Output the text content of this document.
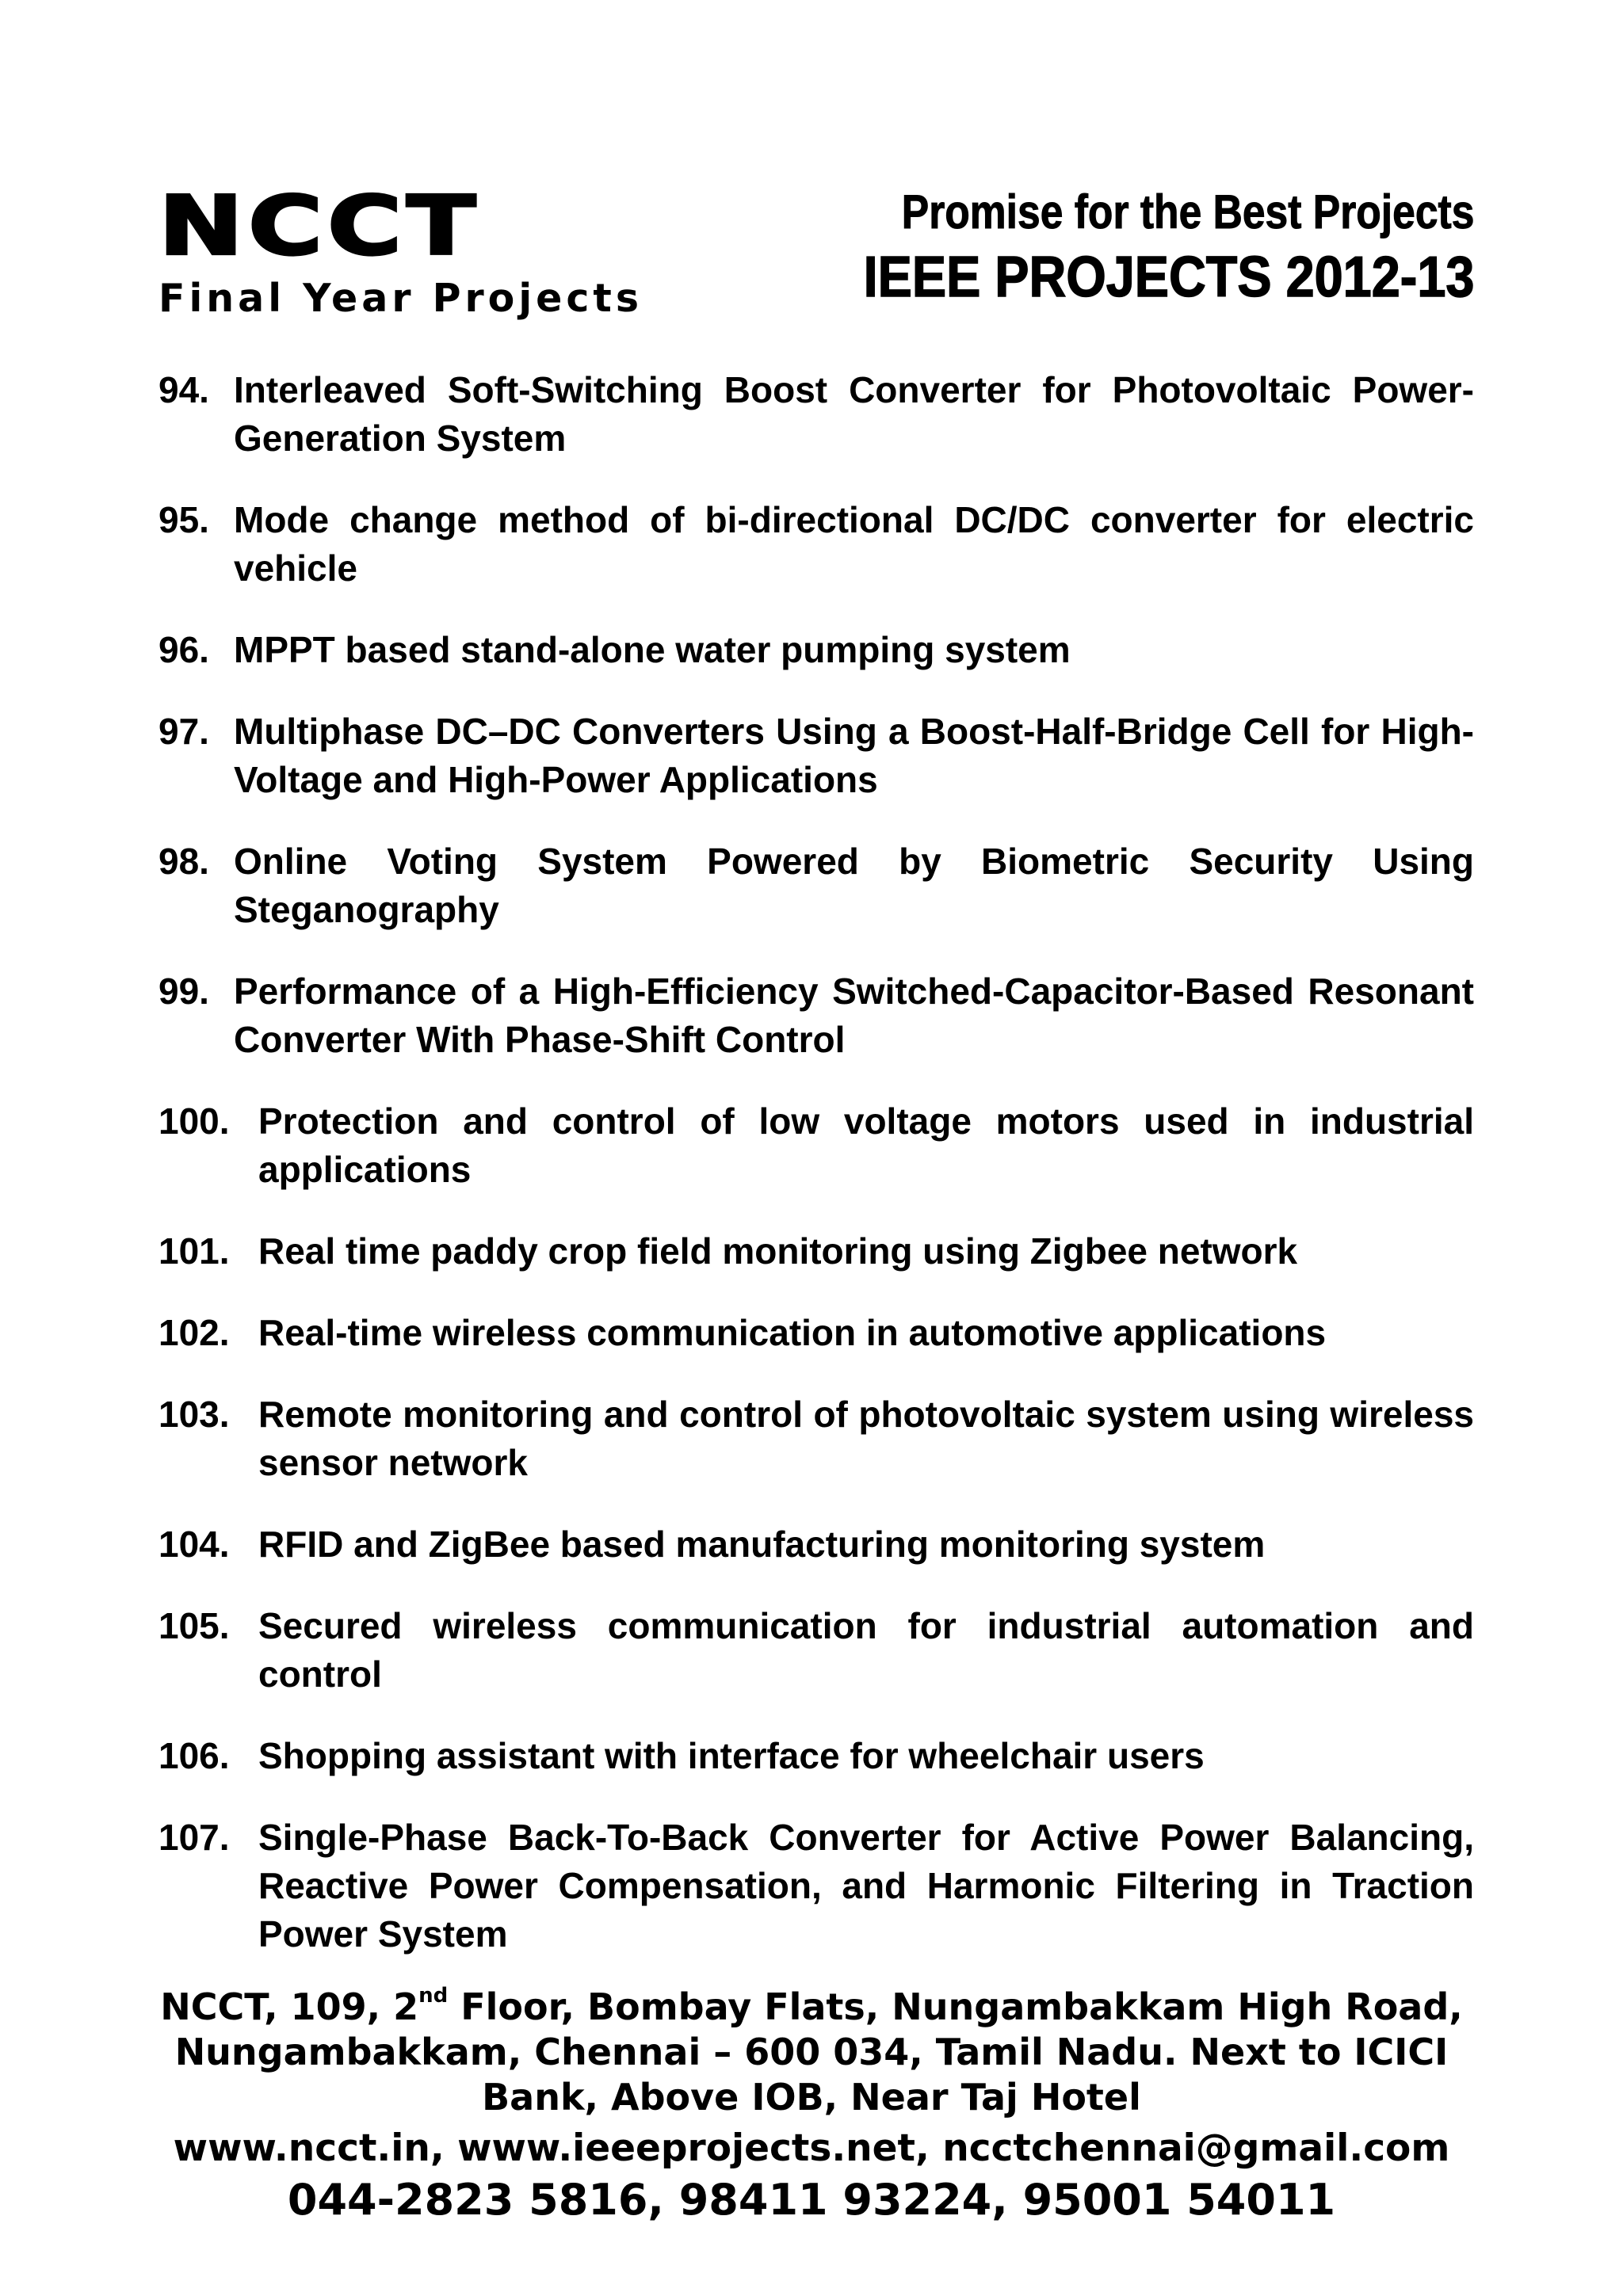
NCCT
Final Year Projects
Promise for the Best Projects
IEEE PROJECTS 2012-13
94. Interleaved Soft-Switching Boost Converter for Photovoltaic Power-Generation System
95. Mode change method of bi-directional DC/DC converter for electric vehicle
96. MPPT based stand-alone water pumping system
97. Multiphase DC–DC Converters Using a Boost-Half-Bridge Cell for High-Voltage and High-Power Applications
98. Online Voting System Powered by Biometric Security Using Steganography
99. Performance of a High-Efficiency Switched-Capacitor-Based Resonant Converter With Phase-Shift Control
100. Protection and control of low voltage motors used in industrial applications
101. Real time paddy crop field monitoring using Zigbee network
102. Real-time wireless communication in automotive applications
103. Remote monitoring and control of photovoltaic system using wireless sensor network
104. RFID and ZigBee based manufacturing monitoring system
105. Secured wireless communication for industrial automation and control
106. Shopping assistant with interface for wheelchair users
107. Single-Phase Back-To-Back Converter for Active Power Balancing, Reactive Power Compensation, and Harmonic Filtering in Traction Power System
NCCT, 109, 2nd Floor, Bombay Flats, Nungambakkam High Road, Nungambakkam, Chennai – 600 034, Tamil Nadu. Next to ICICI Bank, Above IOB, Near Taj Hotel
www.ncct.in, www.ieeeprojects.net, ncctchennai@gmail.com
044-2823 5816, 98411 93224, 95001 54011
